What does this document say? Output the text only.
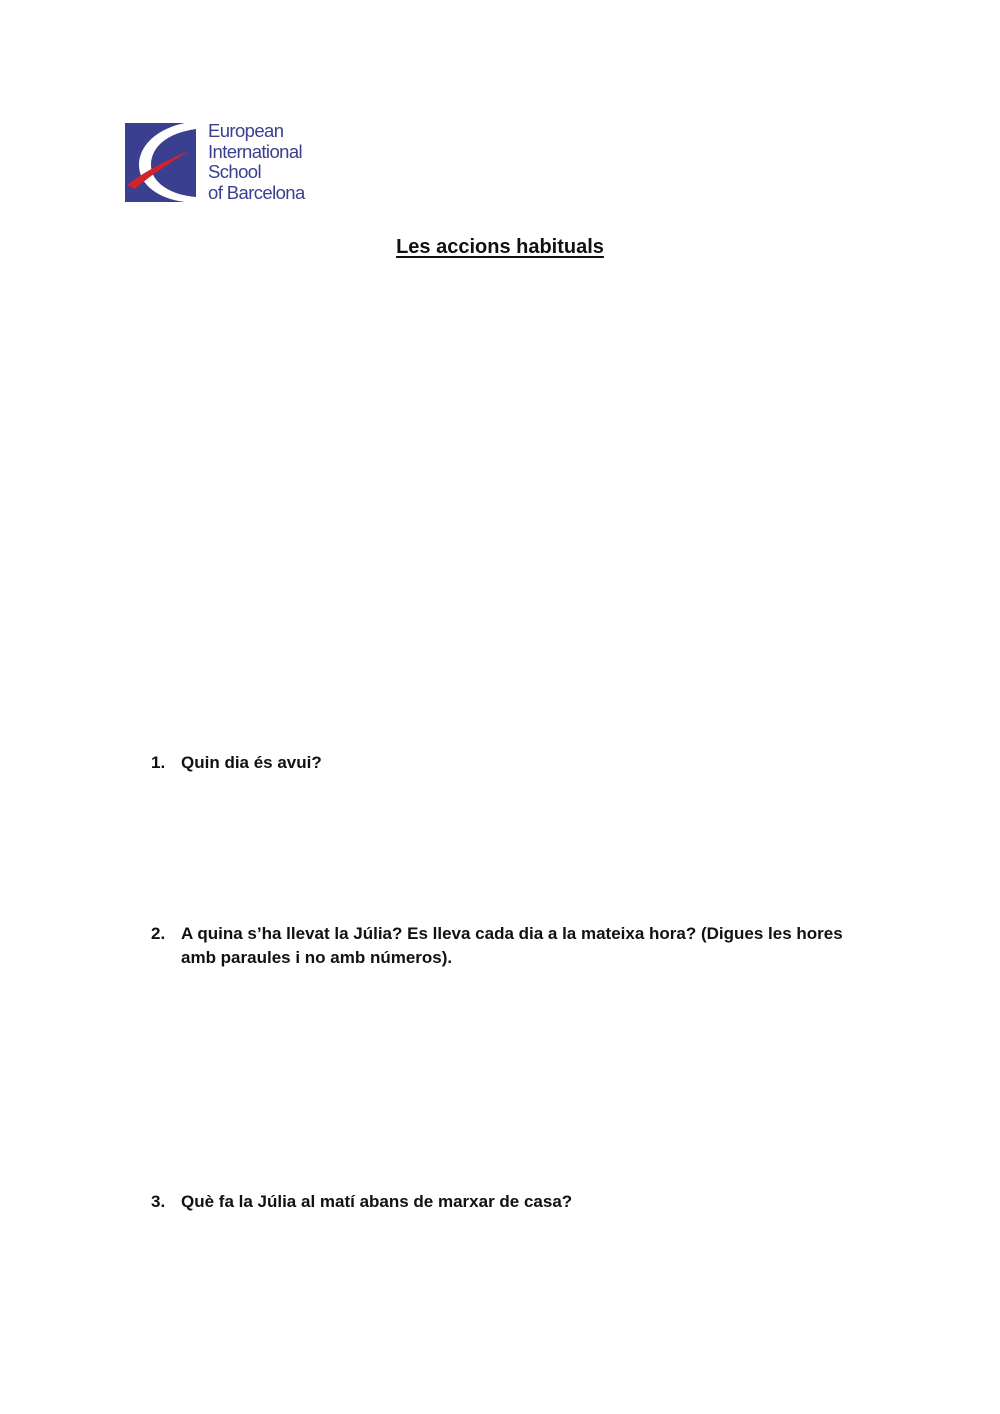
European
International
School
of Barcelona
Les accions habituals
1. Quin dia és avui?
2. A quina s’ha llevat la Júlia? Es lleva cada dia a la mateixa hora? (Digues les hores amb paraules i no amb números).
3. Què fa la Júlia al matí abans de marxar de casa?
